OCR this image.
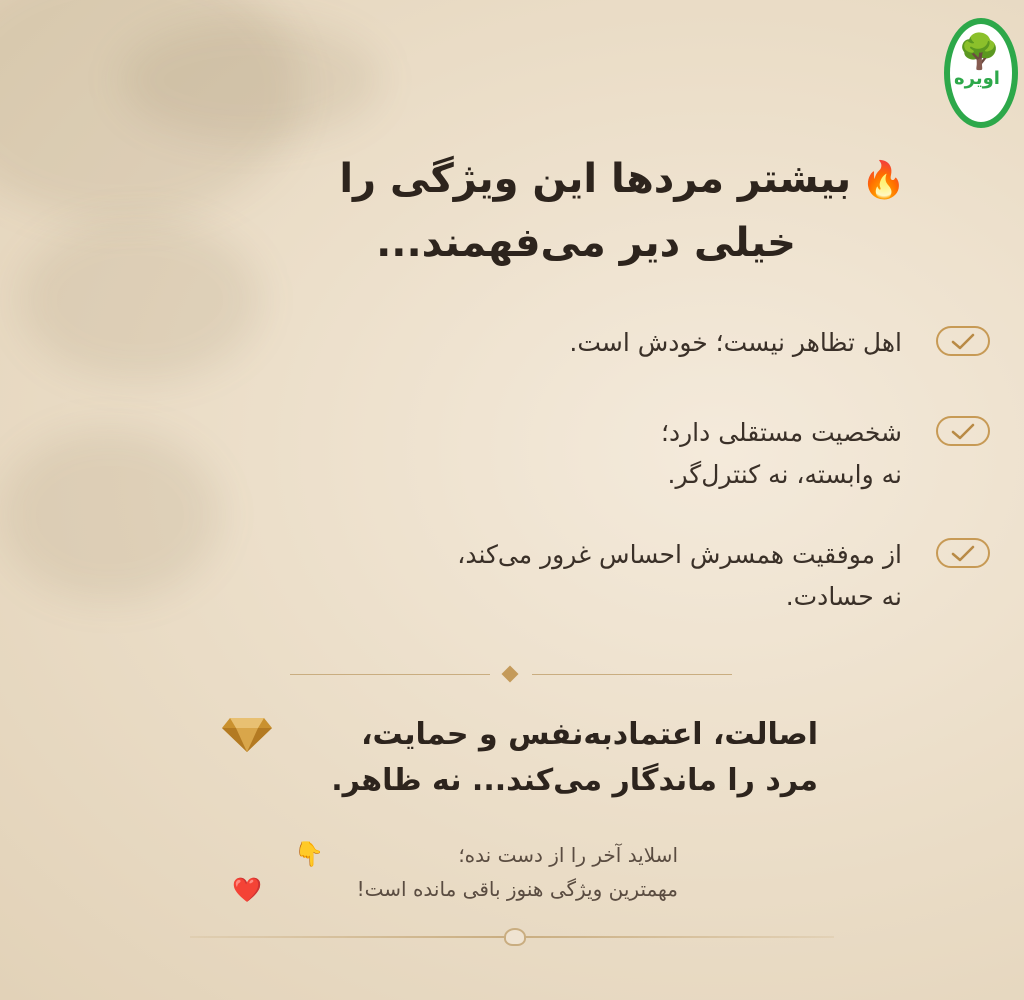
🌳
اویره
🔥بیشتر مردها این ویژگی را
خیلی دیر می‌فهمند...
اهل تظاهر نیست؛ خودش است.
شخصیت مستقلی دارد؛
نه وابسته، نه کنترل‌گر.
از موفقیت همسرش احساس غرور می‌کند،
نه حسادت.
اصالت، اعتمادبه‌نفس و حمایت،
مرد را ماندگار می‌کند... نه ظاهر.
👇
❤️
اسلاید آخر را از دست نده؛
مهمترین ویژگی هنوز باقی مانده است!
